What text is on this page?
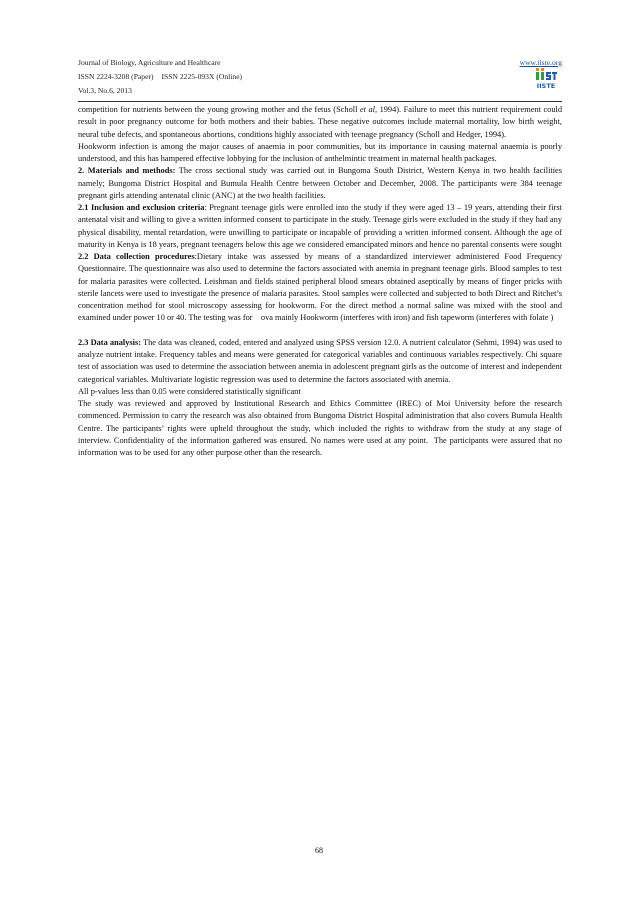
Journal of Biology, Agriculture and Healthcare	www.iiste.org
ISSN 2224-3208 (Paper) ISSN 2225-093X (Online)
Vol.3, No.6, 2013	IISTE

competition for nutrients between the young growing mother and the fetus (Scholl et al, 1994). Failure to meet this nutrient requirement could result in poor pregnancy outcome for both mothers and their babies. These negative outcomes include maternal mortality, low birth weight, neural tube defects, and spontaneous abortions, conditions highly associated with teenage pregnancy (Scholl and Hedger, 1994).

Hookworm infection is among the major causes of anaemia in poor communities, but its importance in causing maternal anaemia is poorly understood, and this has hampered effective lobbying for the inclusion of anthelmintic treatment in maternal health packages.

2. Materials and methods: The cross sectional study was carried out in Bungoma South District, Western Kenya in two health facilities namely; Bungoma District Hospital and Bumula Health Centre between October and December, 2008. The participants were 384 teenage pregnant girls attending antenatal clinic (ANC) at the two health facilities.

2.1 Inclusion and exclusion criteria: Pregnant teenage girls were enrolled into the study if they were aged 13 – 19 years, attending their first antenatal visit and willing to give a written informed consent to participate in the study. Teenage girls were excluded in the study if they had any physical disability, mental retardation, were unwilling to participate or incapable of providing a written informed consent. Although the age of maturity in Kenya is 18 years, pregnant teenagers below this age we considered emancipated minors and hence no parental consents were sought

2.2 Data collection procedures:Dietary intake was assessed by means of a standardized interviewer administered Food Frequency Questionnaire. The questionnaire was also used to determine the factors associated with anemia in pregnant teenage girls. Blood samples to test for malaria parasites were collected. Leishman and fields stained peripheral blood smears obtained aseptically by means of finger pricks with sterile lancets were used to investigate the presence of malaria parasites. Stool samples were collected and subjected to both Direct and Ritchet’s concentration method for stool microscopy assessing for hookworm. For the direct method a normal saline was mixed with the stool and examined under power 10 or 40. The testing was for    ova mainly Hookworm (interferes with iron) and fish tapeworm (interferes with folate )

2.3 Data analysis: The data was cleaned, coded, entered and analyzed using SPSS version 12.0. A nutrient calculator (Sehmi, 1994) was used to analyze nutrient intake. Frequency tables and means were generated for categorical variables and continuous variables respectively. Chi square test of association was used to determine the association between anemia in adolescent pregnant girls as the outcome of interest and independent categorical variables. Multivariate logistic regression was used to determine the factors associated with anemia.

All p-values less than 0.05 were considered statistically significant

The study was reviewed and approved by Institutional Research and Ethics Committee (IREC) of Moi University before the research commenced. Permission to carry the research was also obtained from Bungoma District Hospital administration that also covers Bumula Health Centre. The participants’ rights were upheld throughout the study, which included the rights to withdraw from the study at any stage of interview. Confidentiality of the information gathered was ensured. No names were used at any point.  The participants were assured that no information was to be used for any other purpose other than the research.

68
